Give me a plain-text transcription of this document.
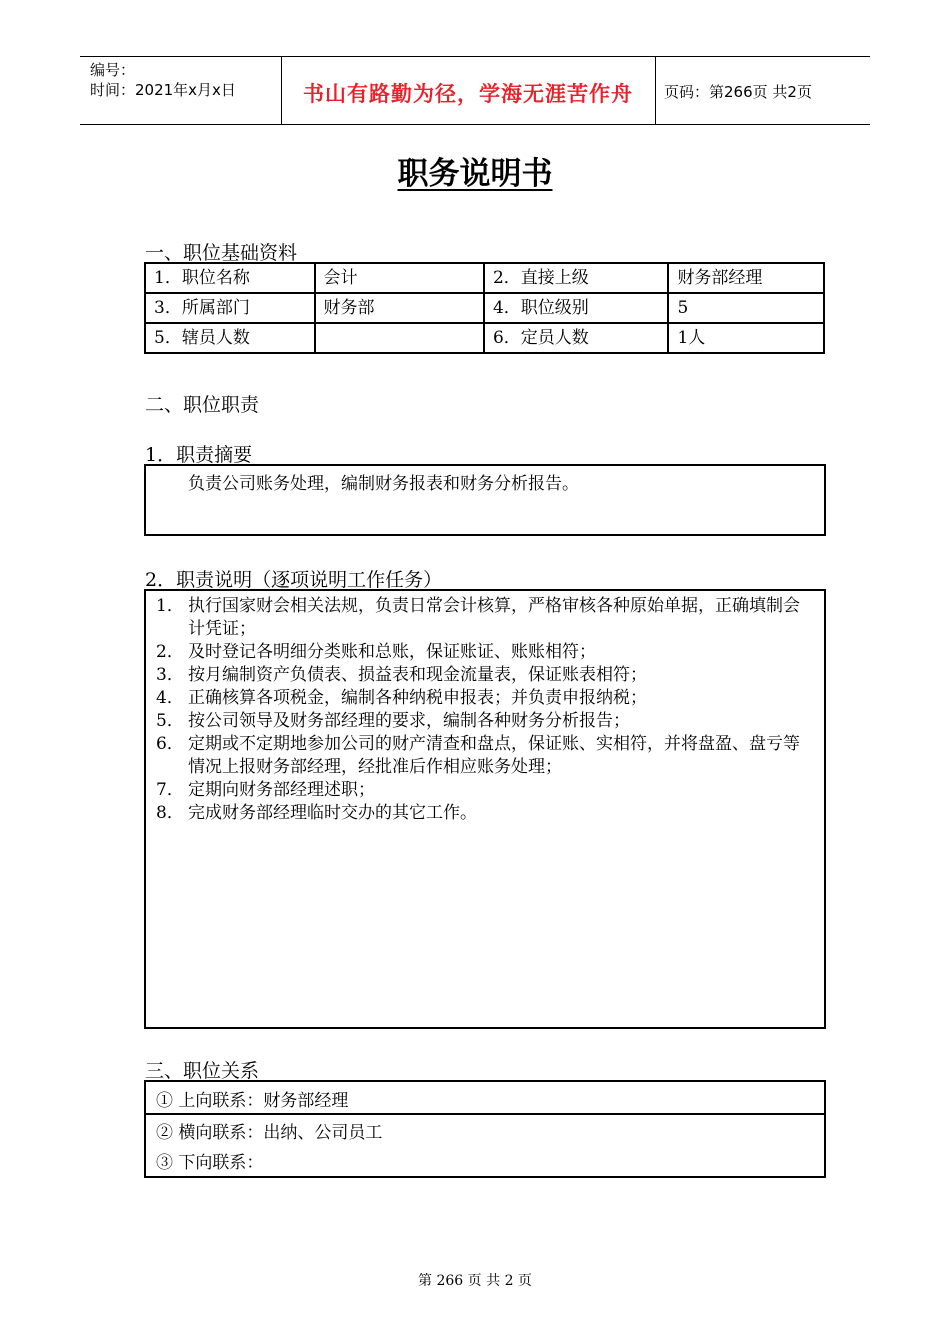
编号：
时间：2021年x月x日	书山有路勤为径，学海无涯苦作舟	页码：第266页 共2页
职务说明书
一、职位基础资料
1．职位名称	会计	2．直接上级	财务部经理
3．所属部门	财务部	4．职位级别	5
5．辖员人数		6．定员人数	1人
二、职位职责
1．职责摘要
负责公司账务处理，编制财务报表和财务分析报告。
2．职责说明（逐项说明工作任务）
1． 执行国家财会相关法规，负责日常会计核算，严格审核各种原始单据，正确填制会计凭证；
2． 及时登记各明细分类账和总账，保证账证、账账相符；
3． 按月编制资产负债表、损益表和现金流量表，保证账表相符；
4． 正确核算各项税金，编制各种纳税申报表；并负责申报纳税；
5． 按公司领导及财务部经理的要求，编制各种财务分析报告；
6． 定期或不定期地参加公司的财产清查和盘点，保证账、实相符，并将盘盈、盘亏等情况上报财务部经理，经批准后作相应账务处理；
7． 定期向财务部经理述职；
8． 完成财务部经理临时交办的其它工作。
三、职位关系
① 上向联系：财务部经理
② 横向联系：出纳、公司员工
③ 下向联系：
第 266 页 共 2 页
